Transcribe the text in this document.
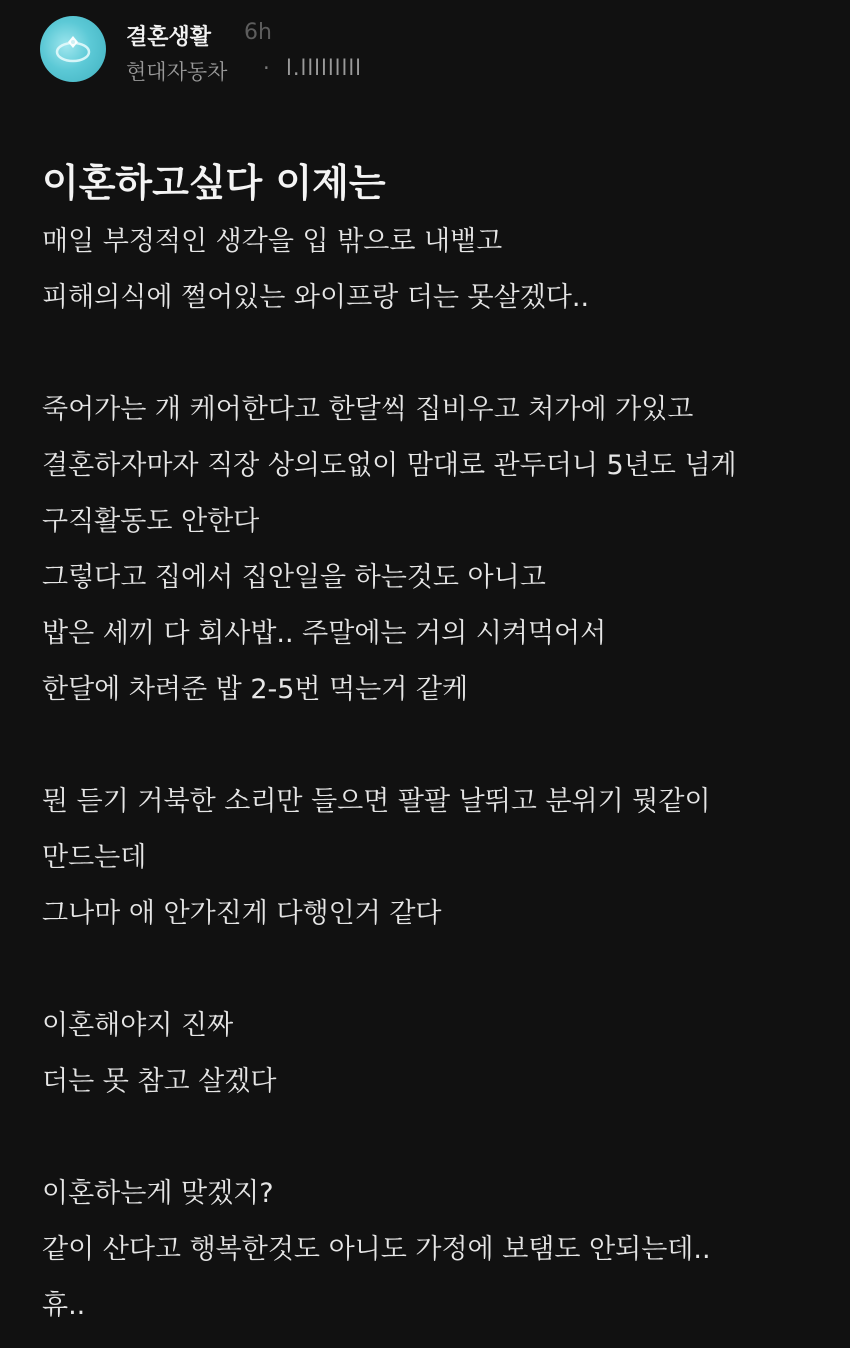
결혼생활 6h
현대자동차 · l.lllllllll
이혼하고싶다 이제는
매일 부정적인 생각을 입 밖으로 내뱉고
피해의식에 쩔어있는 와이프랑 더는 못살겠다..
죽어가는 개 케어한다고 한달씩 집비우고 처가에 가있고
결혼하자마자 직장 상의도없이 맘대로 관두더니 5년도 넘게
구직활동도 안한다
그렇다고 집에서 집안일을 하는것도 아니고
밥은 세끼 다 회사밥.. 주말에는 거의 시켜먹어서
한달에 차려준 밥 2-5번 먹는거 같케
뭔 듣기 거북한 소리만 들으면 팔팔 날뛰고 분위기 뭣같이
만드는데
그나마 애 안가진게 다행인거 같다
이혼해야지 진짜
더는 못 참고 살겠다
이혼하는게 맞겠지?
같이 산다고 행복한것도 아니도 가정에 보탬도 안되는데..
휴..
